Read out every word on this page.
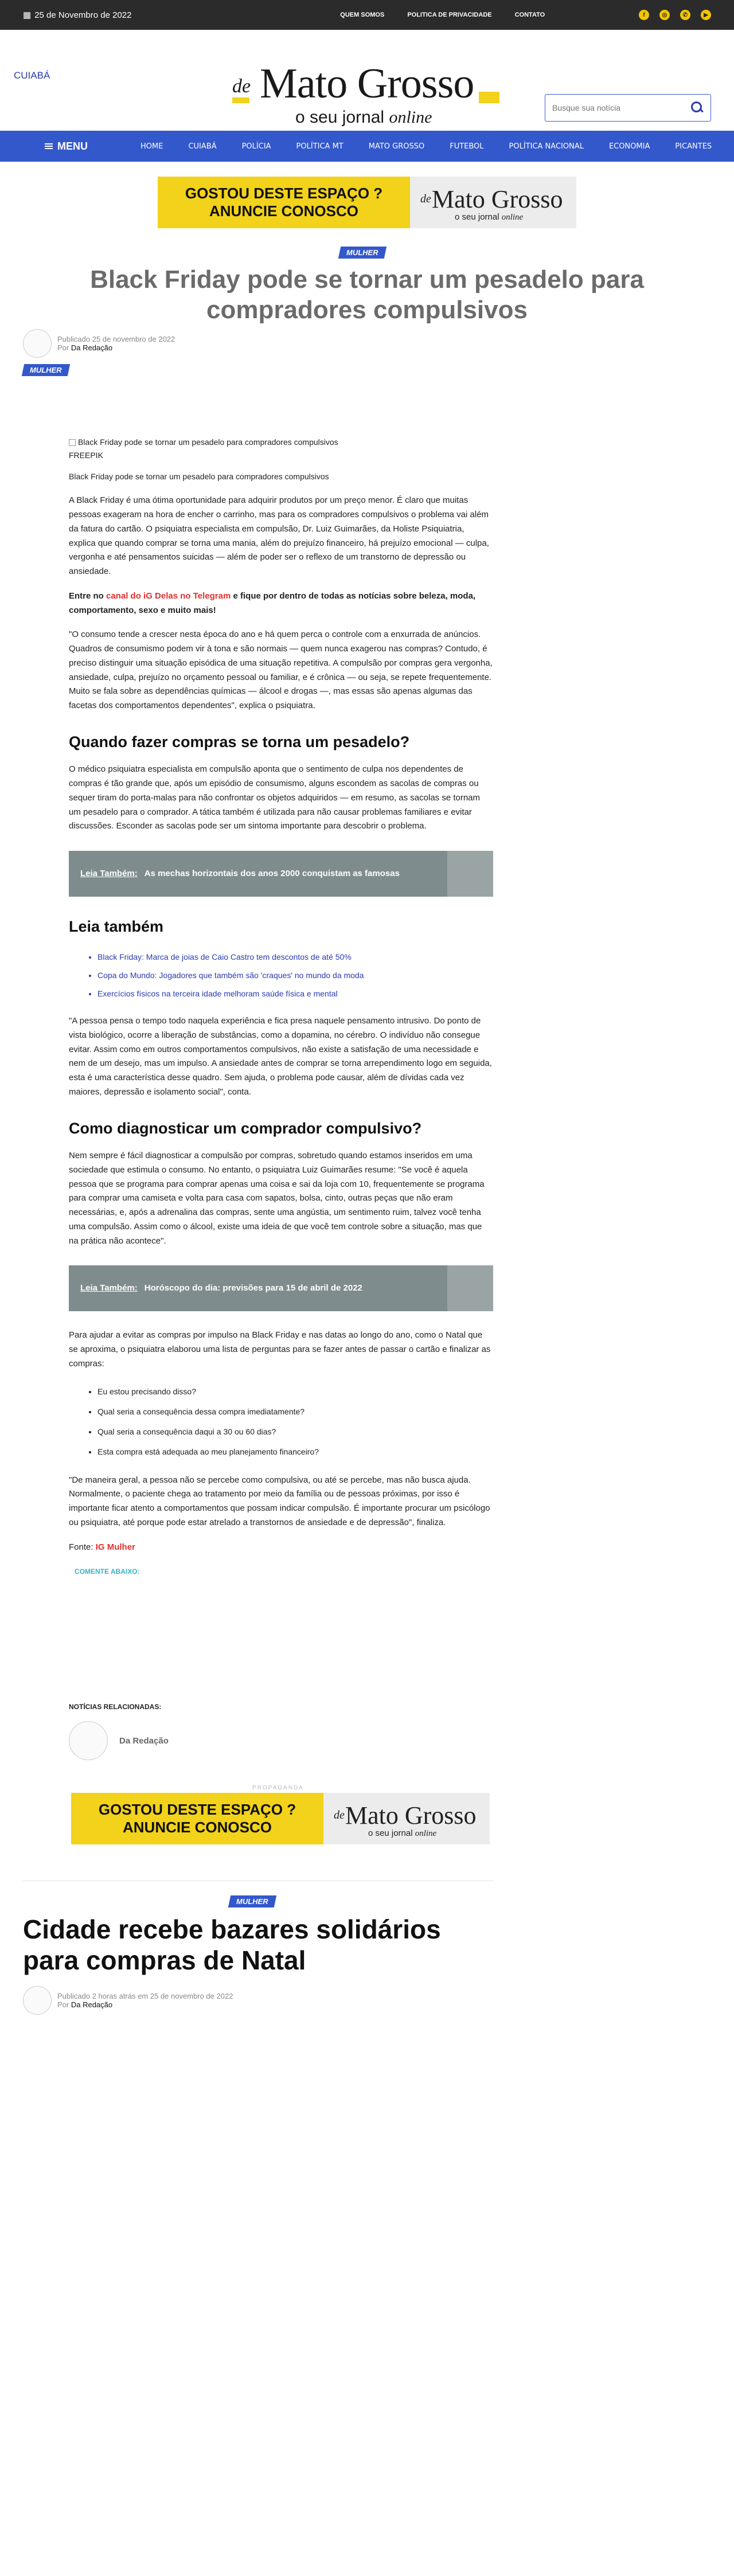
▦ 25 de Novembro de 2022	QUEM SOMOS	POLITICA DE PRIVACIDADE	CONTATO	f	◎	✆	▶
CUIABÁ
de Mato Grosso
o seu jornal online
Busque sua notícia
MENU	HOME	CUIABÁ	POLÍCIA	POLÍTICA MT	MATO GROSSO	FUTEBOL	POLÍTICA NACIONAL	ECONOMIA	PICANTES
GOSTOU DESTE ESPAÇO ?
ANUNCIE CONOSCO
de Mato Grosso
o seu jornal online
MULHER
Black Friday pode se tornar um pesadelo para compradores compulsivos
Publicado 25 de novembro de 2022
Por Da Redação
MULHER
Black Friday pode se tornar um pesadelo para compradores compulsivos
FREEPIK

Black Friday pode se tornar um pesadelo para compradores compulsivos

A Black Friday é uma ótima oportunidade para adquirir produtos por um preço menor. É claro que muitas pessoas exageram na hora de encher o carrinho, mas para os compradores compulsivos o problema vai além da fatura do cartão. O psiquiatra especialista em compulsão, Dr. Luiz Guimarães, da Holiste Psiquiatria, explica que quando comprar se torna uma mania, além do prejuízo financeiro, há prejuízo emocional — culpa, vergonha e até pensamentos suicidas — além de poder ser o reflexo de um transtorno de depressão ou ansiedade.

Entre no canal do iG Delas no Telegram e fique por dentro de todas as notícias sobre beleza, moda, comportamento, sexo e muito mais!

"O consumo tende a crescer nesta época do ano e há quem perca o controle com a enxurrada de anúncios. Quadros de consumismo podem vir à tona e são normais — quem nunca exagerou nas compras? Contudo, é preciso distinguir uma situação episódica de uma situação repetitiva. A compulsão por compras gera vergonha, ansiedade, culpa, prejuízo no orçamento pessoal ou familiar, e é crônica — ou seja, se repete frequentemente. Muito se fala sobre as dependências químicas — álcool e drogas —, mas essas são apenas algumas das facetas dos comportamentos dependentes", explica o psiquiatra.

Quando fazer compras se torna um pesadelo?

O médico psiquiatra especialista em compulsão aponta que o sentimento de culpa nos dependentes de compras é tão grande que, após um episódio de consumismo, alguns escondem as sacolas de compras ou sequer tiram do porta-malas para não confrontar os objetos adquiridos — em resumo, as sacolas se tornam um pesadelo para o comprador. A tática também é utilizada para não causar problemas familiares e evitar discussões. Esconder as sacolas pode ser um sintoma importante para descobrir o problema.

Leia Também: As mechas horizontais dos anos 2000 conquistam as famosas
Leia também
• Black Friday: Marca de joias de Caio Castro tem descontos de até 50%
• Copa do Mundo: Jogadores que também são 'craques' no mundo da moda
• Exercícios físicos na terceira idade melhoram saúde física e mental

"A pessoa pensa o tempo todo naquela experiência e fica presa naquele pensamento intrusivo. Do ponto de vista biológico, ocorre a liberação de substâncias, como a dopamina, no cérebro. O indivíduo não consegue evitar. Assim como em outros comportamentos compulsivos, não existe a satisfação de uma necessidade e nem de um desejo, mas um impulso. A ansiedade antes de comprar se torna arrependimento logo em seguida, esta é uma característica desse quadro. Sem ajuda, o problema pode causar, além de dívidas cada vez maiores, depressão e isolamento social", conta.

Como diagnosticar um comprador compulsivo?

Nem sempre é fácil diagnosticar a compulsão por compras, sobretudo quando estamos inseridos em uma sociedade que estimula o consumo. No entanto, o psiquiatra Luiz Guimarães resume: "Se você é aquela pessoa que se programa para comprar apenas uma coisa e sai da loja com 10, frequentemente se programa para comprar uma camiseta e volta para casa com sapatos, bolsa, cinto, outras peças que não eram necessárias, e, após a adrenalina das compras, sente uma angústia, um sentimento ruim, talvez você tenha uma compulsão. Assim como o álcool, existe uma ideia de que você tem controle sobre a situação, mas que na prática não acontece".

Leia Também: Horóscopo do dia: previsões para 15 de abril de 2022

Para ajudar a evitar as compras por impulso na Black Friday e nas datas ao longo do ano, como o Natal que se aproxima, o psiquiatra elaborou uma lista de perguntas para se fazer antes de passar o cartão e finalizar as compras:

• Eu estou precisando disso?
• Qual seria a consequência dessa compra imediatamente?
• Qual seria a consequência daqui a 30 ou 60 dias?
• Esta compra está adequada ao meu planejamento financeiro?

"De maneira geral, a pessoa não se percebe como compulsiva, ou até se percebe, mas não busca ajuda. Normalmente, o paciente chega ao tratamento por meio da família ou de pessoas próximas, por isso é importante ficar atento a comportamentos que possam indicar compulsão. É importante procurar um psicólogo ou psiquiatra, até porque pode estar atrelado a transtornos de ansiedade e de depressão", finaliza.

Fonte: IG Mulher

COMENTE ABAIXO:
NOTÍCIAS RELACIONADAS:
Da Redação
PROPAGANDA
GOSTOU DESTE ESPAÇO ?
ANUNCIE CONOSCO
de Mato Grosso
o seu jornal online
MULHER
Cidade recebe bazares solidários para compras de Natal
Publicado 2 horas atrás em 25 de novembro de 2022
Por Da Redação
